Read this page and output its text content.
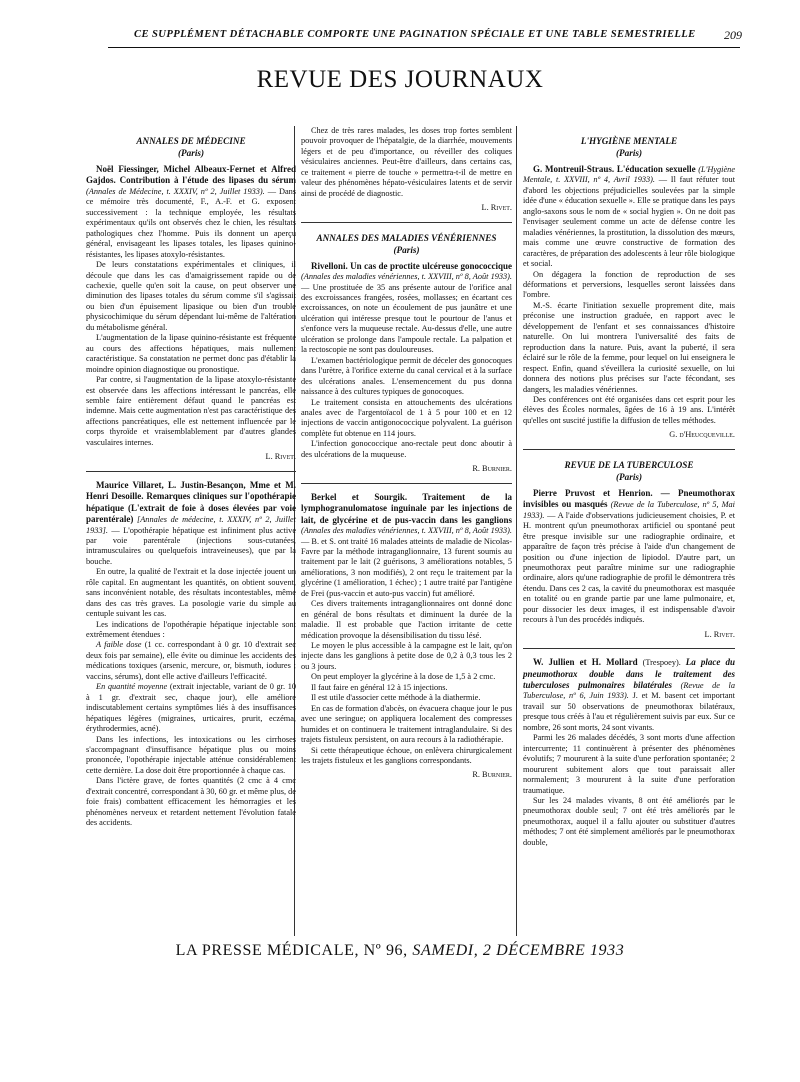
CE SUPPLÉMENT DÉTACHABLE COMPORTE UNE PAGINATION SPÉCIALE ET UNE TABLE SEMESTRIELLE 209
REVUE DES JOURNAUX

ANNALES DE MÉDECINE

(Paris)

Noël Fiessinger, Michel Albeaux-Fernet et Alfred Gajdos. Contribution à l'étude des lipases du sérum (Annales de Médecine, t. XXXIV, nº 2, Juillet 1933). — Dans ce mémoire très documenté, F., A.-F. et G. exposent successivement : la technique employée, les résultats expérimentaux qu'ils ont observés chez le chien, les résultats pathologiques chez l'homme. Puis ils donnent un aperçu général, envisageant les lipases totales, les lipases quinino-résistantes, les lipases atoxylo-résistantes.

De leurs constatations expérimentales et cliniques, il découle que dans les cas d'amaigrissement rapide ou de cachexie, quelle qu'en soit la cause, on peut observer une diminution des lipases totales du sérum comme s'il s'agissait ou bien d'un épuisement lipasique ou bien d'un trouble physicochimique du sérum dépendant lui-même de l'altération du métabolisme général.

L'augmentation de la lipase quinino-résistante est fréquente au cours des affections hépatiques, mais nullement caractéristique. Sa constatation ne permet donc pas d'établir la moindre opinion diagnostique ou pronostique.

Par contre, si l'augmentation de la lipase atoxylo-résistante est observée dans les affections intéressant le pancréas, elle semble faire entièrement défaut quand le pancréas est indemne. Mais cette augmentation n'est pas caractéristique des affections pancréatiques, elle est nettement influencée par le corps thyroïde et vraisemblablement par d'autres glandes vasculaires internes.

L. Rivet.

Maurice Villaret, L. Justin-Besançon, Mme et M. Henri Desoille. Remarques cliniques sur l'opothérapie hépatique (L'extrait de foie à doses élevées par voie parentérale) [Annales de médecine, t. XXXIV, nº 2, Juillet 1933]. — L'opothérapie hépatique est infiniment plus active par voie parentérale (injections sous-cutanées, intramusculaires ou quelquefois intraveineuses), que par la bouche.

En outre, la qualité de l'extrait et la dose injectée jouent un rôle capital. En augmentant les quantités, on obtient souvent, sans inconvénient notable, des résultats incontestables, même dans des cas très graves. La posologie varie du simple au centuple suivant les cas.

Les indications de l'opothérapie hépatique injectable sont extrêmement étendues :

A faible dose (1 cc. correspondant à 0 gr. 10 d'extrait sec deux fois par semaine), elle évite ou diminue les accidents des médications toxiques (arsenic, mercure, or, bismuth, iodures ; vaccins, sérums), dont elle active d'ailleurs l'efficacité.

En quantité moyenne (extrait injectable, variant de 0 gr. 10 à 1 gr. d'extrait sec, chaque jour), elle améliore indiscutablement certains symptômes liés à des insuffisances hépatiques légères (migraines, urticaires, prurit, eczéma, érythrodermies, acné).

Dans les infections, les intoxications ou les cirrhoses s'accompagnant d'insuffisance hépatique plus ou moins prononcée, l'opothérapie injectable atténue considérablement cette dernière. La dose doit être proportionnée à chaque cas.

Dans l'ictère grave, de fortes quantités (2 cmc à 4 cmc d'extrait concentré, correspondant à 30, 60 gr. et même plus, de foie frais) combattent efficacement les hémorragies et les phénomènes nerveux et retardent nettement l'évolution fatale des accidents.

Chez de très rares malades, les doses trop fortes semblent pouvoir provoquer de l'hépatalgie, de la diarrhée, mouvements légers et de peu d'importance, ou réveiller des coliques vésiculaires anciennes. Peut-être d'ailleurs, dans certains cas, ce traitement « pierre de touche » permettra-t-il de mettre en valeur des phénomènes hépato-vésiculaires latents et de servir ainsi de procédé de diagnostic.

L. Rivet.

ANNALES DES MALADIES VÉNÉRIENNES

(Paris)

Rivelloni. Un cas de proctite ulcéreuse gonococcique (Annales des maladies vénériennes, t. XXVIII, nº 8, Août 1933). — Une prostituée de 35 ans présente autour de l'orifice anal des excroissances frangées, rosées, mollasses; en écartant ces excroissances, on note un écoulement de pus jaunâtre et une ulcération qui intéresse presque tout le pourtour de l'anus et s'enfonce vers la muqueuse rectale. Au-dessus d'elle, une autre ulcération se prolonge dans l'ampoule rectale. La palpation et la rectoscopie ne sont pas douloureuses.

L'examen bactériologique permit de déceler des gonocoques dans l'urètre, à l'orifice externe du canal cervical et à la surface des ulcérations anales. L'ensemencement du pus donna naissance à des cultures typiques de gonocoques.

Le traitement consista en attouchements des ulcérations anales avec de l'argentoïacol de 1 à 5 pour 100 et en 12 injections de vaccin antigonococcique polyvalent. La guérison complète fut obtenue en 114 jours.

L'infection gonococcique ano-rectale peut donc aboutir à des ulcérations de la muqueuse.

R. Burnier.

Berkel et Sourgik. Traitement de la lymphogranulomatose inguinale par les injections de lait, de glycérine et de pus-vaccin dans les ganglions (Annales des maladies vénériennes, t. XXVIII, nº 8, Août 1933). — B. et S. ont traité 16 malades atteints de maladie de Nicolas-Favre par la méthode intraganglionnaire, 13 furent soumis au traitement par le lait (2 guérisons, 3 améliorations notables, 5 améliorations, 3 non modifiés), 2 ont reçu le traitement par la glycérine (1 amélioration, 1 échec) ; 1 autre traité par l'antigène de Frei (pus-vaccin et auto-pus vaccin) fut amélioré.

Ces divers traitements intraganglionnaires ont donné donc en général de bons résultats et diminuent la durée de la maladie. Il est probable que l'action irritante de cette médication provoque la désensibilisation du tissu lésé.

Le moyen le plus accessible à la campagne est le lait, qu'on injecte dans les ganglions à petite dose de 0,2 à 0,3 tous les 2 ou 3 jours.

On peut employer la glycérine à la dose de 1,5 à 2 cmc.

Il faut faire en général 12 à 15 injections.

Il est utile d'associer cette méthode à la diathermie.

En cas de formation d'abcès, on évacuera chaque jour le pus avec une seringue; on appliquera localement des compresses humides et on continuera le traitement intraglandulaire. Si des trajets fistuleux persistent, on aura recours à la radiothérapie.

Si cette thérapeutique échoue, on enlèvera chirurgicalement les trajets fistuleux et les ganglions correspondants.

R. Burnier.

L'HYGIÈNE MENTALE

(Paris)

G. Montreuil-Straus. L'éducation sexuelle (L'Hygiène Mentale, t. XXVIII, nº 4, Avril 1933). — Il faut réfuter tout d'abord les objections préjudicielles soulevées par la simple idée d'une « éducation sexuelle ». Elle se pratique dans les pays anglo-saxons sous le nom de « social hygien ». On ne doit pas l'envisager seulement comme un acte de défense contre les maladies vénériennes, la prostitution, la dissolution des mœurs, mais comme une œuvre constructive de formation des caractères, de préparation des adolescents à leur rôle biologique et social.

On dégagera la fonction de reproduction de ses déformations et perversions, lesquelles seront laissées dans l'ombre.

M.-S. écarte l'initiation sexuelle proprement dite, mais préconise une instruction graduée, en rapport avec le développement de l'enfant et ses connaissances d'histoire naturelle. On lui montrera l'universalité des faits de reproduction dans la nature. Puis, avant la puberté, il sera éclairé sur le rôle de la femme, pour lequel on lui enseignera le respect. Enfin, quand s'éveillera la curiosité sexuelle, on lui donnera des notions plus précises sur l'acte fécondant, ses dangers, les maladies vénériennes.

Des conférences ont été organisées dans cet esprit pour les élèves des Écoles normales, âgées de 16 à 19 ans. L'intérêt qu'elles ont suscité justifie la diffusion de telles méthodes.

G. d'Heucqueville.

REVUE DE LA TUBERCULOSE

(Paris)

Pierre Pruvost et Henrion. — Pneumothorax invisibles ou masqués (Revue de la Tuberculose, nº 5, Mai 1933). — A l'aide d'observations judicieusement choisies, P. et H. montrent qu'un pneumothorax artificiel ou spontané peut être presque invisible sur une radiographie ordinaire, et apparaître de façon très précise à l'aide d'un changement de position ou d'une injection de lipiodol. D'autre part, un pneumothorax peut paraître minime sur une radiographie ordinaire, alors qu'une radiographie de profil le démontrera très étendu. Dans ces 2 cas, la cavité du pneumothorax est masquée en totalité ou en grande partie par une lame pulmonaire, et, pour dissocier les deux images, il est indispensable d'avoir recours à l'un des procédés indiqués.

L. Rivet.

W. Jullien et H. Mollard (Trespoey). La place du pneumothorax double dans le traitement des tuberculoses pulmonaires bilatérales (Revue de la Tuberculose, nº 6, Juin 1933). J. et M. basent cet important travail sur 50 observations de pneumothorax bilatéraux, presque tous créés à l'au et régulièrement suivis par eux. Sur ce nombre, 26 sont morts, 24 sont vivants.

Parmi les 26 malades décédés, 3 sont morts d'une affection intercurrente; 11 continuèrent à présenter des phénomènes évolutifs; 7 moururent à la suite d'une perforation spontanée; 2 moururent subitement alors que tout paraissait aller normalement; 3 moururent à la suite d'une perforation traumatique.

Sur les 24 malades vivants, 8 ont été améliorés par le pneumothorax double seul; 7 ont été très améliorés par le pneumothorax, auquel il a fallu ajouter ou substituer d'autres méthodes; 7 ont été simplement améliorés par le pneumothorax double,

LA PRESSE MÉDICALE, Nº 96, SAMEDI, 2 DÉCEMBRE 1933
